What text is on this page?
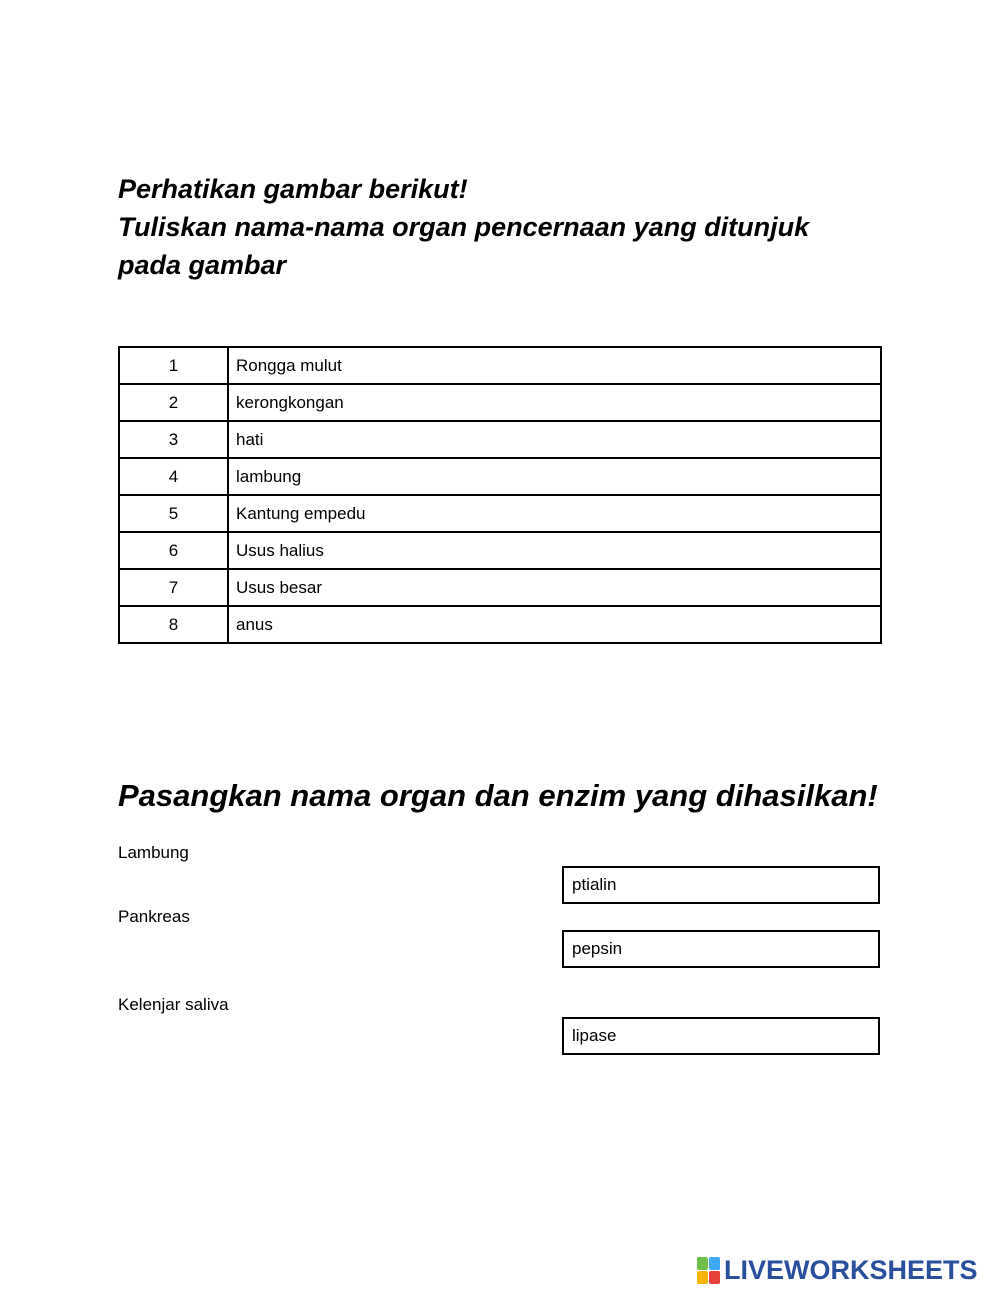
Perhatikan gambar berikut!
Tuliskan nama-nama organ pencernaan yang ditunjuk
pada gambar
1	Rongga mulut
2	kerongkongan
3	hati
4	lambung
5	Kantung empedu
6	Usus halius
7	Usus besar
8	anus
Pasangkan nama organ dan enzim yang dihasilkan!
Lambung
Pankreas
Kelenjar saliva
ptialin
pepsin
lipase
LIVEWORKSHEETS
